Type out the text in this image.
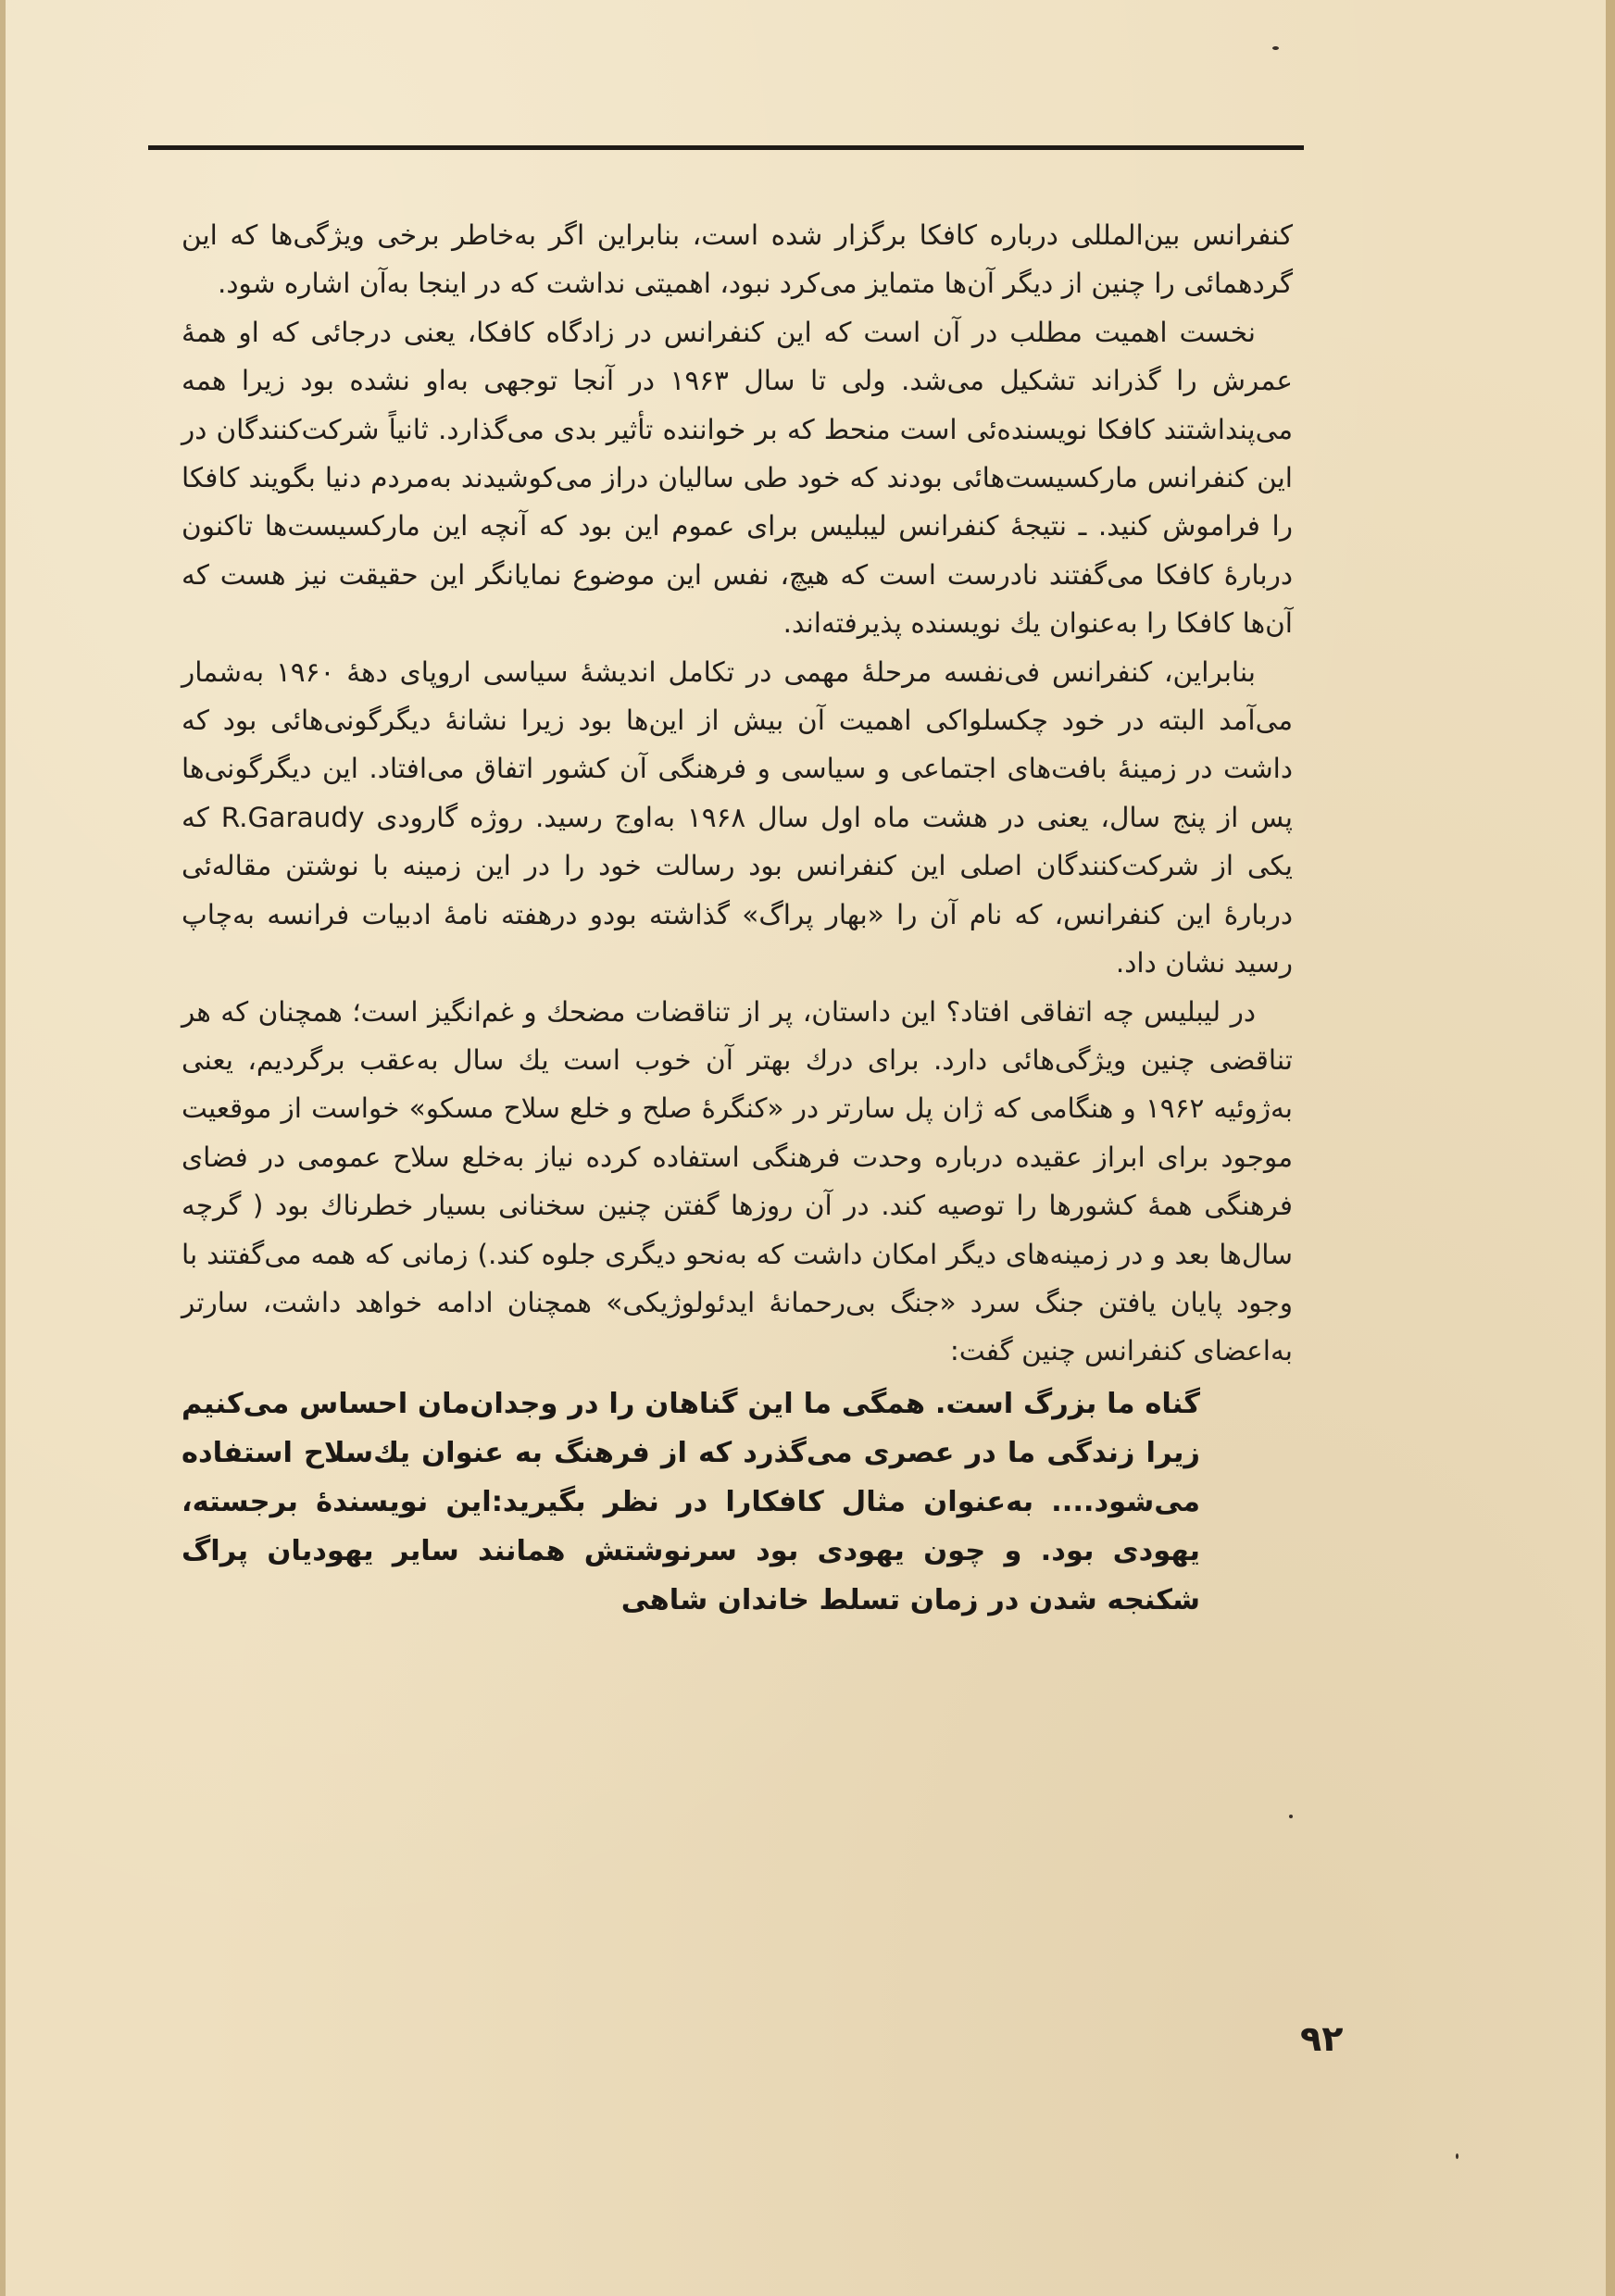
کنفرانس بین‌المللی درباره کافکا برگزار شده است، بنابراین اگر به‌خاطر برخی ویژگی‌ها که این گردهمائی را چنین از دیگر آن‌ها متمایز می‌کرد نبود، اهمیتی نداشت که در اینجا به‌آن اشاره شود.

نخست اهمیت مطلب در آن است که این کنفرانس در زادگاه کافکا، یعنی درجائی که او همهٔ عمرش را گذراند تشکیل می‌شد. ولی تا سال ۱۹۶۳ در آنجا توجهی به‌او نشده بود زیرا همه می‌پنداشتند کافکا نویسنده‌ئی است منحط که بر خواننده تأثیر بدی می‌گذارد. ثانیاً شرکت‌کنندگان در این کنفرانس مارکسیست‌هائی بودند که خود طی سالیان دراز می‌کوشیدند به‌مردم دنیا بگویند کافکا را فراموش کنید. ـ نتیجهٔ کنفرانس لیبلیس برای عموم این بود که آنچه این مارکسیست‌ها تاکنون دربارهٔ کافکا می‌گفتند نادرست است که هیچ، نفس این موضوع نمایانگر این حقیقت نیز هست که آن‌ها کافکا را به‌عنوان یك نویسنده پذیرفته‌اند.

بنابراین، کنفرانس فی‌نفسه مرحلهٔ مهمی در تکامل اندیشهٔ سیاسی اروپای دههٔ ۱۹۶۰ به‌شمار می‌آمد البته در خود چکسلواکی اهمیت آن بیش از این‌ها بود زیرا نشانهٔ دیگرگونی‌هائی بود که داشت در زمینهٔ بافت‌های اجتماعی و سیاسی و فرهنگی آن کشور اتفاق می‌افتاد. این دیگرگونی‌ها پس از پنج سال، یعنی در هشت ماه اول سال ۱۹۶۸ به‌اوج رسید. روژه گارودی R.Garaudy که یکی از شرکت‌کنندگان اصلی این کنفرانس بود رسالت خود را در این زمینه با نوشتن مقاله‌ئی دربارهٔ این کنفرانس، که نام آن را «بهار پراگ» گذاشته بودو درهفته نامهٔ ادبیات فرانسه به‌چاپ رسید نشان داد.

در لیبلیس چه اتفاقی افتاد؟ این داستان، پر از تناقضات مضحك و غم‌انگیز است؛ همچنان که هر تناقضی چنین ویژگی‌هائی دارد. برای درك بهتر آن خوب است یك سال به‌عقب برگردیم، یعنی به‌ژوئیه ۱۹۶۲ و هنگامی که ژان پل سارتر در «کنگرهٔ صلح و خلع سلاح مسکو» خواست از موقعیت موجود برای ابراز عقیده درباره وحدت فرهنگی استفاده کرده نیاز به‌خلع سلاح عمومی در فضای فرهنگی همهٔ کشورها را توصیه کند. در آن روزها گفتن چنین سخنانی بسیار خطرناك بود ( گرچه سال‌ها بعد و در زمینه‌های دیگر امکان داشت که به‌نحو دیگری جلوه کند.) زمانی که همه می‌گفتند با وجود پایان یافتن جنگ سرد «جنگ بی‌رحمانهٔ ایدئولوژیکی» همچنان ادامه خواهد داشت، سارتر به‌اعضای کنفرانس چنین گفت:

گناه ما بزرگ است. همگی ما این گناهان را در وجدان‌مان احساس می‌کنیم زیرا زندگی ما در عصری می‌گذرد که از فرهنگ به عنوان یك‌سلاح استفاده می‌شود.... به‌عنوان مثال کافکارا در نظر بگیرید:این نویسندهٔ برجسته، یهودی بود. و چون یهودی بود سرنوشتش همانند سایر یهودیان پراگ شکنجه شدن در زمان تسلط خاندان شاهی

۹۲
